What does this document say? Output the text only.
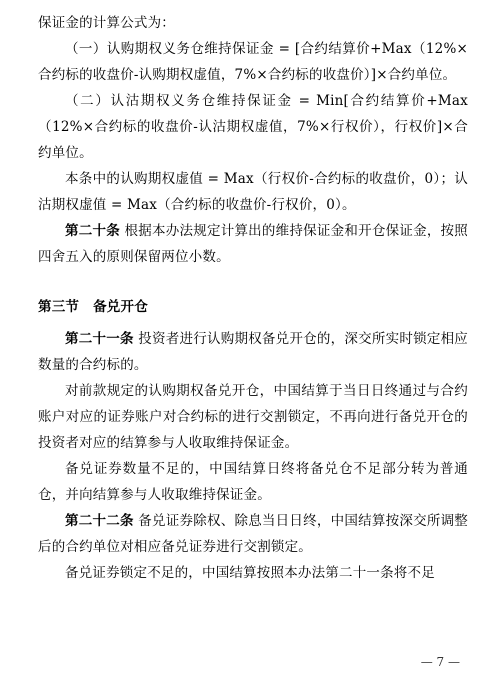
保证金的计算公式为：

（一）认购期权义务仓维持保证金 = [合约结算价+Max（12%×合约标的收盘价-认购期权虚值，7%×合约标的收盘价）]×合约单位。

（二）认沽期权义务仓维持保证金 = Min[合约结算价+Max（12%×合约标的收盘价-认沽期权虚值，7%×行权价），行权价]×合约单位。

本条中的认购期权虚值 = Max（行权价-合约标的收盘价，0）；认沽期权虚值 = Max（合约标的收盘价-行权价，0）。

第二十条 根据本办法规定计算出的维持保证金和开仓保证金，按照四舍五入的原则保留两位小数。

第三节 备兑开仓

第二十一条 投资者进行认购期权备兑开仓的，深交所实时锁定相应数量的合约标的。

对前款规定的认购期权备兑开仓，中国结算于当日日终通过与合约账户对应的证券账户对合约标的进行交割锁定，不再向进行备兑开仓的投资者对应的结算参与人收取维持保证金。

备兑证券数量不足的，中国结算日终将备兑仓不足部分转为普通仓，并向结算参与人收取维持保证金。

第二十二条 备兑证券除权、除息当日日终，中国结算按深交所调整后的合约单位对相应备兑证券进行交割锁定。

备兑证券锁定不足的，中国结算按照本办法第二十一条将不足

— 7 —
